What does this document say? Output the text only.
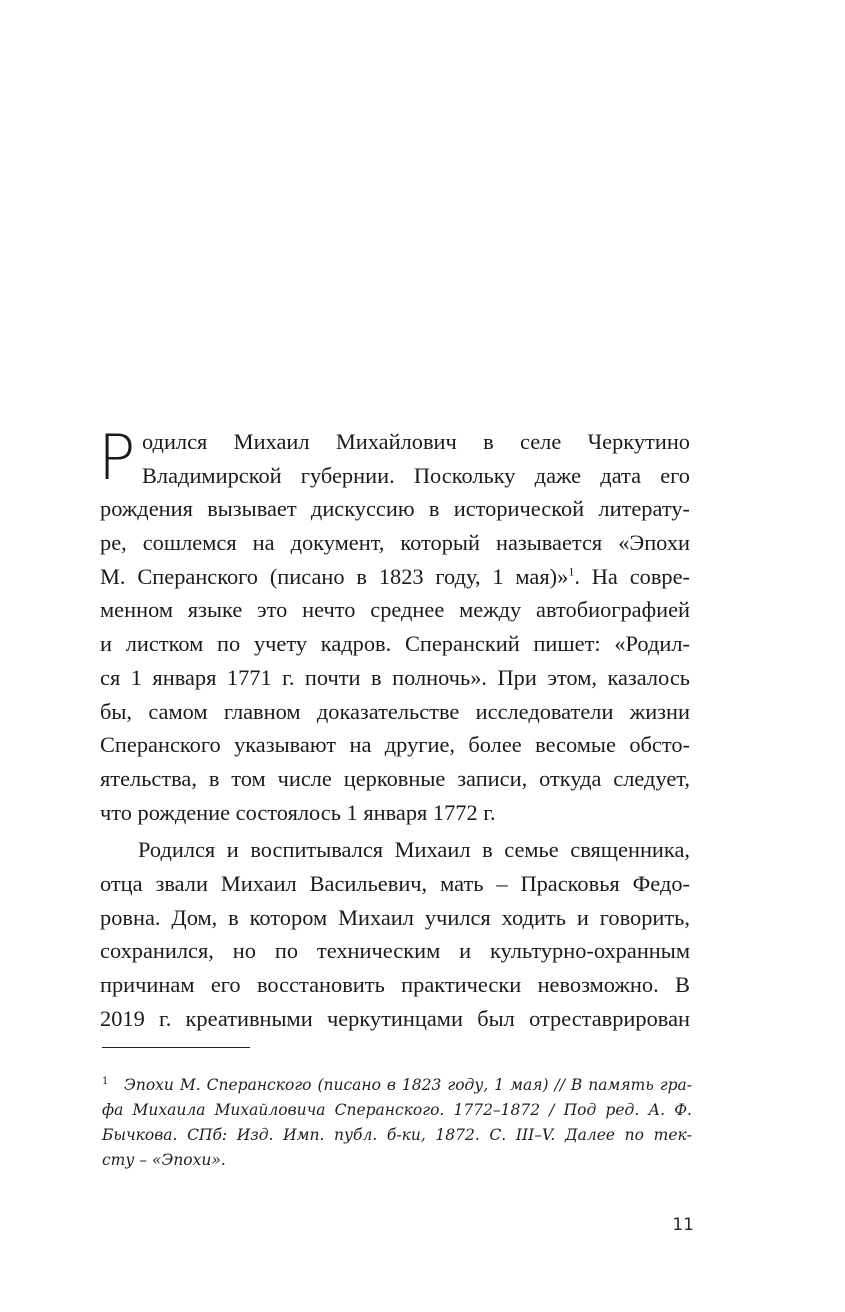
Р одился Михаил Михайлович в селе Черкутино
Владимирской губернии. Поскольку даже дата его
рождения вызывает дискуссию в исторической литерату-
ре, сошлемся на документ, который называется «Эпохи
М. Сперанского (писано в 1823 году, 1 мая)»$^1$. На совре-
менном языке это нечто среднее между автобиографией
и листком по учету кадров. Сперанский пишет: «Родил-
ся 1 января 1771 г. почти в полночь». При этом, казалось
бы, самом главном доказательстве исследователи жизни
Сперанского указывают на другие, более весомые обсто-
ятельства, в том числе церковные записи, откуда следует,
что рождение состоялось 1 января 1772 г.
Родился и воспитывался Михаил в семье священника,
отца звали Михаил Васильевич, мать – Прасковья Федо-
ровна. Дом, в котором Михаил учился ходить и говорить,
сохранился, но по техническим и культурно-охранным
причинам его восстановить практически невозможно. В
2019 г. креативными черкутинцами был отреставрирован
1 Эпохи М. Сперанского (писано в 1823 году, 1 мая) // В память гра-
фа Михаила Михайловича Сперанского. 1772–1872 / Под ред. А. Ф.
Бычкова. СПб: Изд. Имп. публ. б-ки, 1872. С. III–V. Далее по тек-
сту – «Эпохи».
11
